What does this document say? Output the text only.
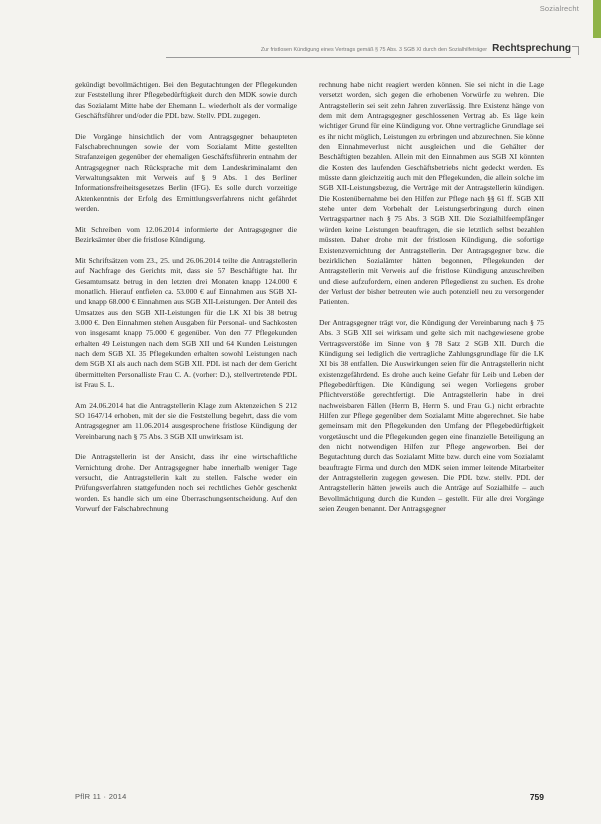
Sozialrecht
Zur fristlosen Kündigung eines Vertrags gemäß § 75 Abs. 3 SGB XI durch den Sozialhilfeträger Rechtsprechung

gekündigt bevollmächtigen. Bei den Begutachtungen der Pflegekunden zur Feststellung ihrer Pflegebedürftigkeit durch den MDK sowie durch das Sozialamt Mitte habe der Ehemann L. wiederholt als der vormalige Geschäftsführer und/oder die PDL bzw. Stellv. PDL zugegen.

Die Vorgänge hinsichtlich der vom Antragsgegner behaupteten Falschabrechnungen sowie der vom Sozialamt Mitte gestellten Strafanzeigen gegenüber der ehemaligen Geschäftsführerin entnahm der Antragsgegner nach Rücksprache mit dem Landeskriminalamt den Verwaltungsakten mit Verweis auf § 9 Abs. 1 des Berliner Informationsfreiheitsgesetzes Berlin (IFG). Es solle durch vorzeitige Aktenkenntnis der Erfolg des Ermittlungsverfahrens nicht gefährdet werden.

Mit Schreiben vom 12.06.2014 informierte der Antragsgegner die Bezirksämter über die fristlose Kündigung.

Mit Schriftsätzen vom 23., 25. und 26.06.2014 teilte die Antragstellerin auf Nachfrage des Gerichts mit, dass sie 57 Beschäftigte hat. Ihr Gesamtumsatz betrug in den letzten drei Monaten knapp 124.000 € monatlich. Hierauf entfielen ca. 53.000 € auf Einnahmen aus SGB XI- und knapp 68.000 € Einnahmen aus SGB XII-Leistungen. Der Anteil des Umsatzes aus den SGB XII-Leistungen für die LK XI bis 38 betrug 3.000 €. Den Einnahmen stehen Ausgaben für Personal- und Sachkosten von insgesamt knapp 75.000 € gegenüber. Von den 77 Pflegekunden erhalten 49 Leistungen nach dem SGB XII und 64 Kunden Leistungen nach dem SGB XI. 35 Pflegekunden erhalten sowohl Leistungen nach dem SGB XI als auch nach dem SGB XII. PDL ist nach der dem Gericht übermittelten Personalliste Frau C. A. (vorher: D.), stellvertretende PDL ist Frau S. L.

Am 24.06.2014 hat die Antragstellerin Klage zum Aktenzeichen S 212 SO 1647/14 erhoben, mit der sie die Feststellung begehrt, dass die vom Antragsgegner am 11.06.2014 ausgesprochene fristlose Kündigung der Vereinbarung nach § 75 Abs. 3 SGB XII unwirksam ist.

Die Antragstellerin ist der Ansicht, dass ihr eine wirtschaftliche Vernichtung drohe. Der Antragsgegner habe innerhalb weniger Tage versucht, die Antragstellerin kalt zu stellen. Falsche weder ein Prüfungsverfahren stattgefunden noch sei rechtliches Gehör geschenkt worden. Es handle sich um eine Überraschungsentscheidung. Auf den Vorwurf der Falschabrechnung

rechnung habe nicht reagiert werden können. Sie sei nicht in die Lage versetzt worden, sich gegen die erhobenen Vorwürfe zu wehren. Die Antragstellerin sei seit zehn Jahren zuverlässig. Ihre Existenz hänge von dem mit dem Antragsgegner geschlossenen Vertrag ab. Es läge kein wichtiger Grund für eine Kündigung vor. Ohne vertragliche Grundlage sei es ihr nicht möglich, Leistungen zu erbringen und abzurechnen. Sie könne den Einnahmeverlust nicht ausgleichen und die Gehälter der Beschäftigten bezahlen. Allein mit den Einnahmen aus SGB XI könnten die Kosten des laufenden Geschäftsbetriebs nicht gedeckt werden. Es müsste dann gleichzeitig auch mit den Pflegekunden, die allein solche im SGB XII-Leistungsbezug, die Verträge mit der Antragstellerin kündigen. Die Kostenübernahme bei den Hilfen zur Pflege nach §§ 61 ff. SGB XII stehe unter dem Vorbehalt der Leistungserbringung durch einen Vertragspartner nach § 75 Abs. 3 SGB XII. Die Sozialhilfeempfänger würden keine Leistungen beauftragen, die sie letztlich selbst bezahlen müssten. Daher drohe mit der fristlosen Kündigung, die sofortige Existenzvernichtung der Antragstellerin. Der Antragsgegner bzw. die bezirklichen Sozialämter hätten begonnen, Pflegekunden der Antragstellerin mit Verweis auf die fristlose Kündigung anzuschreiben und diese aufzufordern, einen anderen Pflegedienst zu suchen. Es drohe der Verlust der bisher betreuten wie auch potenziell neu zu versorgender Patienten.

Der Antragsgegner trägt vor, die Kündigung der Vereinbarung nach § 75 Abs. 3 SGB XII sei wirksam und gelte sich mit nachgewiesene grobe Vertragsverstöße im Sinne von § 78 Satz 2 SGB XII. Durch die Kündigung sei lediglich die vertragliche Zahlungsgrundlage für die LK XI bis 38 entfallen. Die Auswirkungen seien für die Antragstellerin nicht existenzgefährdend. Es drohe auch keine Gefahr für Leib und Leben der Pflegebedürftigen. Die Kündigung sei wegen Vorliegens grober Pflichtverstöße gerechtfertigt. Die Antragstellerin habe in drei nachweisbaren Fällen (Herrn B, Herrn S. und Frau G.) nicht erbrachte Hilfen zur Pflege gegenüber dem Sozialamt Mitte abgerechnet. Sie habe gemeinsam mit den Pflegekunden den Umfang der Pflegebedürftigkeit vorgetäuscht und die Pflegekunden gegen eine finanzielle Beteiligung an den nicht notwendigen Hilfen zur Pflege angeworben. Bei der Begutachtung durch das Sozialamt Mitte bzw. durch eine vom Sozialamt beauftragte Firma und durch den MDK seien immer leitende Mitarbeiter der Antragstellerin zugegen gewesen. Die PDL bzw. stellv. PDL der Antragstellerin hätten jeweils auch die Anträge auf Sozialhilfe – auch Bevollmächtigung durch die Kunden – gestellt. Für alle drei Vorgänge seien Zeugen benannt. Der Antragsgegner

PflR 11 · 2014	759
